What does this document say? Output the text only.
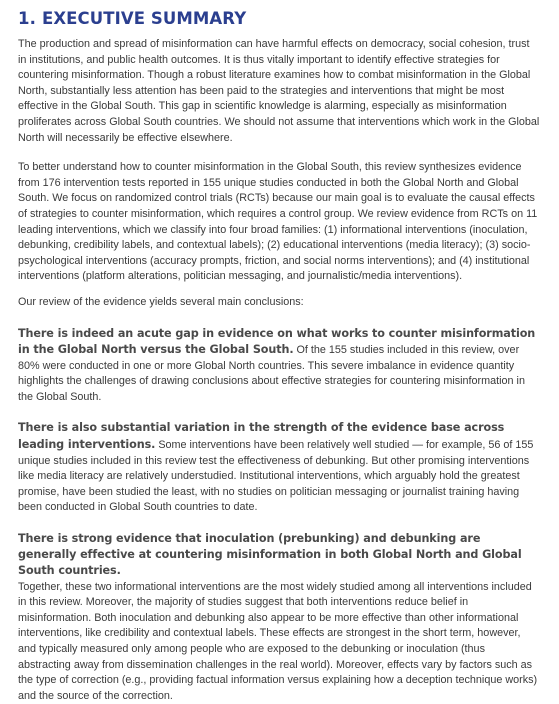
1. EXECUTIVE SUMMARY

The production and spread of misinformation can have harmful effects on democracy, social cohesion, trust in institutions, and public health outcomes. It is thus vitally important to identify effective strategies for countering misinformation. Though a robust literature examines how to combat misinformation in the Global North, substantially less attention has been paid to the strategies and interventions that might be most effective in the Global South. This gap in scientific knowledge is alarming, especially as misinformation proliferates across Global South countries. We should not assume that interventions which work in the Global North will necessarily be effective elsewhere.

To better understand how to counter misinformation in the Global South, this review synthesizes evidence from 176 intervention tests reported in 155 unique studies conducted in both the Global North and Global South. We focus on randomized control trials (RCTs) because our main goal is to evaluate the causal effects of strategies to counter misinformation, which requires a control group. We review evidence from RCTs on 11 leading interventions, which we classify into four broad families: (1) informational interventions (inoculation, debunking, credibility labels, and contextual labels); (2) educational interventions (media literacy); (3) socio-psychological interventions (accuracy prompts, friction, and social norms interventions); and (4) institutional interventions (platform alterations, politician messaging, and journalistic/media interventions).

Our review of the evidence yields several main conclusions:

There is indeed an acute gap in evidence on what works to counter misinformation in the Global North versus the Global South. Of the 155 studies included in this review, over 80% were conducted in one or more Global North countries. This severe imbalance in evidence quantity highlights the challenges of drawing conclusions about effective strategies for countering misinformation in the Global South.

There is also substantial variation in the strength of the evidence base across leading interventions. Some interventions have been relatively well studied — for example, 56 of 155 unique studies included in this review test the effectiveness of debunking. But other promising interventions like media literacy are relatively understudied. Institutional interventions, which arguably hold the greatest promise, have been studied the least, with no studies on politician messaging or journalist training having been conducted in Global South countries to date.

There is strong evidence that inoculation (prebunking) and debunking are generally effective at countering misinformation in both Global North and Global South countries.
Together, these two informational interventions are the most widely studied among all interventions included in this review. Moreover, the majority of studies suggest that both interventions reduce belief in misinformation. Both inoculation and debunking also appear to be more effective than other informational interventions, like credibility and contextual labels. These effects are strongest in the short term, however, and typically measured only among people who are exposed to the debunking or inoculation (thus abstracting away from dissemination challenges in the real world). Moreover, effects vary by factors such as the type of correction (e.g., providing factual information versus explaining how a deception technique works) and the source of the correction.
